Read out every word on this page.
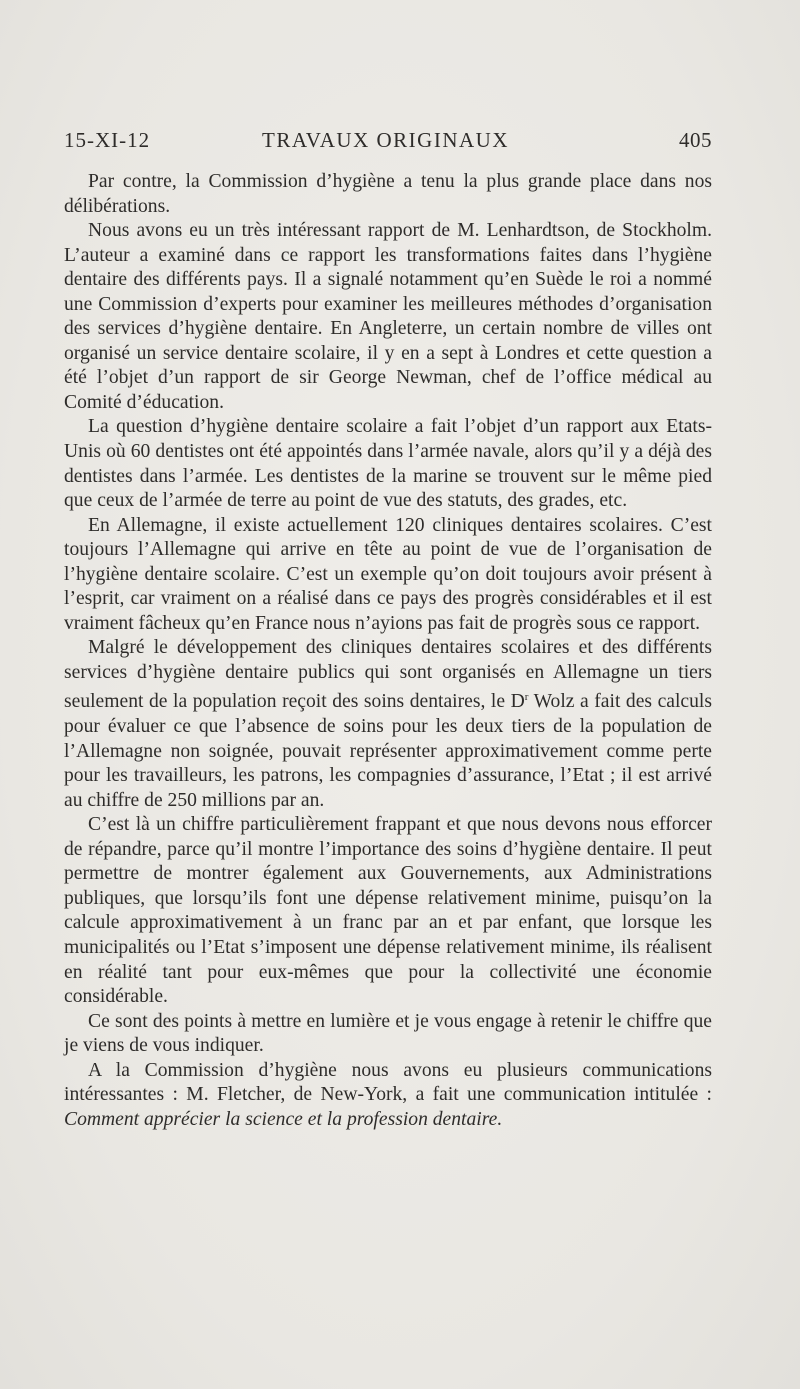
15-XI-12	TRAVAUX ORIGINAUX	405

Par contre, la Commission d’hygiène a tenu la plus grande place dans nos délibérations.

Nous avons eu un très intéressant rapport de M. Lenhardtson, de Stockholm. L’auteur a examiné dans ce rapport les transformations faites dans l’hygiène dentaire des différents pays. Il a signalé notamment qu’en Suède le roi a nommé une Commission d’experts pour examiner les meilleures méthodes d’organisation des services d’hygiène dentaire. En Angleterre, un certain nombre de villes ont organisé un service dentaire scolaire, il y en a sept à Londres et cette question a été l’objet d’un rapport de sir George Newman, chef de l’office médical au Comité d’éducation.

La question d’hygiène dentaire scolaire a fait l’objet d’un rapport aux Etats-Unis où 60 dentistes ont été appointés dans l’armée navale, alors qu’il y a déjà des dentistes dans l’armée. Les dentistes de la marine se trouvent sur le même pied que ceux de l’armée de terre au point de vue des statuts, des grades, etc.

En Allemagne, il existe actuellement 120 cliniques dentaires scolaires. C’est toujours l’Allemagne qui arrive en tête au point de vue de l’organisation de l’hygiène dentaire scolaire. C’est un exemple qu’on doit toujours avoir présent à l’esprit, car vraiment on a réalisé dans ce pays des progrès considérables et il est vraiment fâcheux qu’en France nous n’ayions pas fait de progrès sous ce rapport.

Malgré le développement des cliniques dentaires scolaires et des différents services d’hygiène dentaire publics qui sont organisés en Allemagne un tiers seulement de la population reçoit des soins dentaires, le $D^r$ Wolz a fait des calculs pour évaluer ce que l’absence de soins pour les deux tiers de la population de l’Allemagne non soignée, pouvait représenter approximativement comme perte pour les travailleurs, les patrons, les compagnies d’assurance, l’Etat ; il est arrivé au chiffre de 250 millions par an.

C’est là un chiffre particulièrement frappant et que nous devons nous efforcer de répandre, parce qu’il montre l’importance des soins d’hygiène dentaire. Il peut permettre de montrer également aux Gouvernements, aux Administrations publiques, que lorsqu’ils font une dépense relativement minime, puisqu’on la calcule approximativement à un franc par an et par enfant, que lorsque les municipalités ou l’Etat s’imposent une dépense relativement minime, ils réalisent en réalité tant pour eux-mêmes que pour la collectivité une économie considérable.

Ce sont des points à mettre en lumière et je vous engage à retenir le chiffre que je viens de vous indiquer.

A la Commission d’hygiène nous avons eu plusieurs communications intéressantes : M. Fletcher, de New-York, a fait une communication intitulée : Comment apprécier la science et la profession dentaire.
